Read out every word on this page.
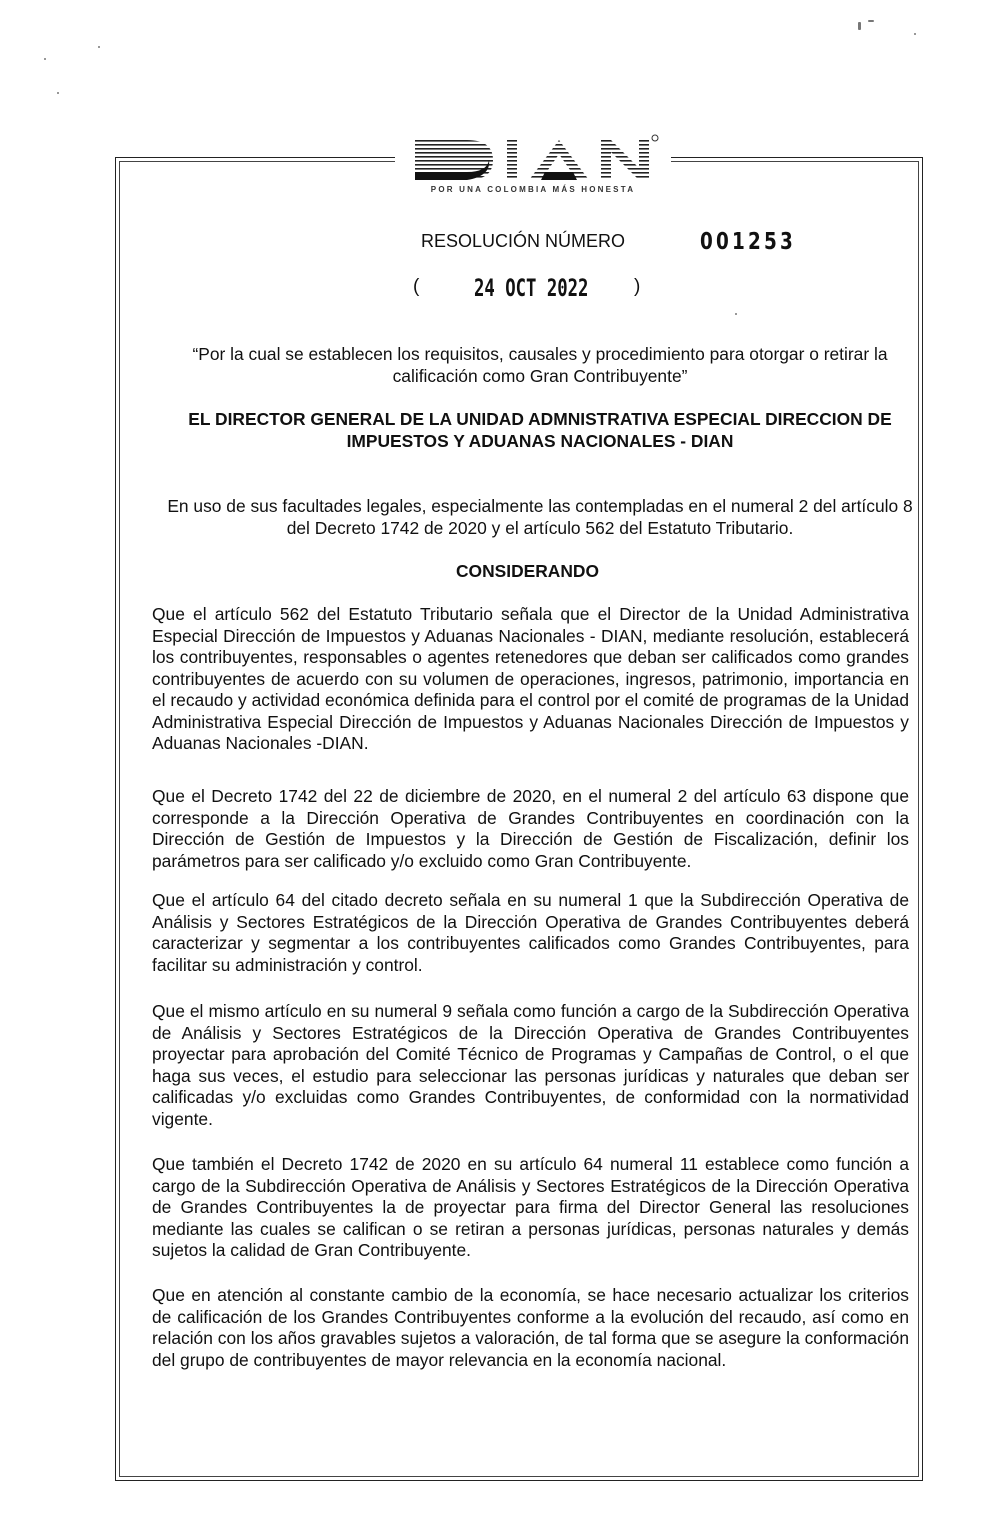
POR UNA COLOMBIA MÁS HONESTA
RESOLUCIÓN NÚMERO	001253
( 24 OCT 2022 )
“Por la cual se establecen los requisitos, causales y procedimiento para otorgar o retirar la calificación como Gran Contribuyente”
EL DIRECTOR GENERAL DE LA UNIDAD ADMNISTRATIVA ESPECIAL DIRECCION DE IMPUESTOS Y ADUANAS NACIONALES - DIAN
En uso de sus facultades legales, especialmente las contempladas en el numeral 2 del artículo 8 del Decreto 1742 de 2020 y el artículo 562 del Estatuto Tributario.
CONSIDERANDO
Que el artículo 562 del Estatuto Tributario señala que el Director de la Unidad Administrativa Especial Dirección de Impuestos y Aduanas Nacionales - DIAN, mediante resolución, establecerá los contribuyentes, responsables o agentes retenedores que deban ser calificados como grandes contribuyentes de acuerdo con su volumen de operaciones, ingresos, patrimonio, importancia en el recaudo y actividad económica definida para el control por el comité de programas de la Unidad Administrativa Especial Dirección de Impuestos y Aduanas Nacionales Dirección de Impuestos y Aduanas Nacionales -DIAN.
Que el Decreto 1742 del 22 de diciembre de 2020, en el numeral 2 del artículo 63 dispone que corresponde a la Dirección Operativa de Grandes Contribuyentes en coordinación con la Dirección de Gestión de Impuestos y la Dirección de Gestión de Fiscalización, definir los parámetros para ser calificado y/o excluido como Gran Contribuyente.
Que el artículo 64 del citado decreto señala en su numeral 1 que la Subdirección Operativa de Análisis y Sectores Estratégicos de la Dirección Operativa de Grandes Contribuyentes deberá caracterizar y segmentar a los contribuyentes calificados como Grandes Contribuyentes, para facilitar su administración y control.
Que el mismo artículo en su numeral 9 señala como función a cargo de la Subdirección Operativa de Análisis y Sectores Estratégicos de la Dirección Operativa de Grandes Contribuyentes proyectar para aprobación del Comité Técnico de Programas y Campañas de Control, o el que haga sus veces, el estudio para seleccionar las personas jurídicas y naturales que deban ser calificadas y/o excluidas como Grandes Contribuyentes, de conformidad con la normatividad vigente.
Que también el Decreto 1742 de 2020 en su artículo 64 numeral 11 establece como función a cargo de la Subdirección Operativa de Análisis y Sectores Estratégicos de la Dirección Operativa de Grandes Contribuyentes la de proyectar para firma del Director General las resoluciones mediante las cuales se califican o se retiran a personas jurídicas, personas naturales y demás sujetos la calidad de Gran Contribuyente.
Que en atención al constante cambio de la economía, se hace necesario actualizar los criterios de calificación de los Grandes Contribuyentes conforme a la evolución del recaudo, así como en relación con los años gravables sujetos a valoración, de tal forma que se asegure la conformación del grupo de contribuyentes de mayor relevancia en la economía nacional.
